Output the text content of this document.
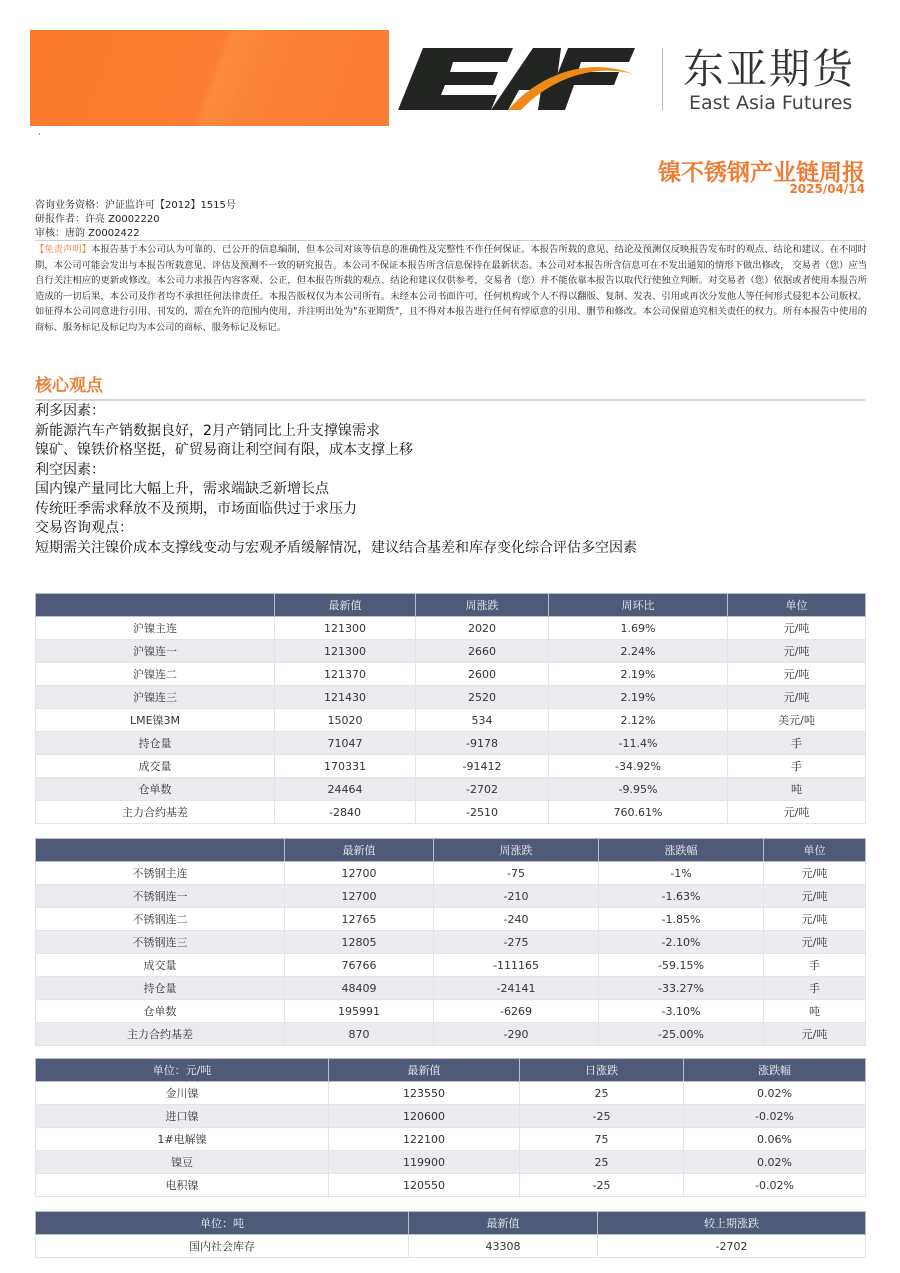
东亚期货
East Asia Futures
·
镍不锈钢产业链周报
2025/04/14
咨询业务资格：沪证监许可【2012】1515号
研报作者：许亮 Z0002220
审核：唐韵 Z0002422
【免责声明】本报告基于本公司认为可靠的、已公开的信息编制，但本公司对该等信息的准确性及完整性不作任何保证。本报告所载的意见、结论及预测仅反映报告发布时的观点、结论和建议。在不同时期，本公司可能会发出与本报告所载意见、评估及预测不一致的研究报告。本公司不保证本报告所含信息保持在最新状态。本公司对本报告所含信息可在不发出通知的情形下做出修改， 交易者（您）应当自行关注相应的更新或修改。本公司力求报告内容客观、公正，但本报告所载的观点、结论和建议仅供参考，交易者（您）并不能依靠本报告以取代行使独立判断。对交易者（您）依据或者使用本报告所造成的一切后果，本公司及作者均不承担任何法律责任。本报告版权仅为本公司所有。未经本公司书面许可，任何机构或个人不得以翻版、复制、发表、引用或再次分发他人等任何形式侵犯本公司版权。如征得本公司同意进行引用、刊发的，需在允许的范围内使用，并注明出处为"东亚期货"，且不得对本报告进行任何有悖原意的引用、删节和修改。本公司保留追究相关责任的权力。所有本报告中使用的商标、服务标记及标记均为本公司的商标、服务标记及标记。
核心观点
利多因素：
新能源汽车产销数据良好，2月产销同比上升支撑镍需求
镍矿、镍铁价格坚挺，矿贸易商让利空间有限，成本支撑上移
利空因素：
国内镍产量同比大幅上升，需求端缺乏新增长点
传统旺季需求释放不及预期，市场面临供过于求压力
交易咨询观点：
短期需关注镍价成本支撑线变动与宏观矛盾缓解情况，建议结合基差和库存变化综合评估多空因素
	最新值	周涨跌	周环比	单位
沪镍主连	121300	2020	1.69%	元/吨
沪镍连一	121300	2660	2.24%	元/吨
沪镍连二	121370	2600	2.19%	元/吨
沪镍连三	121430	2520	2.19%	元/吨
LME镍3M	15020	534	2.12%	美元/吨
持仓量	71047	-9178	-11.4%	手
成交量	170331	-91412	-34.92%	手
仓单数	24464	-2702	-9.95%	吨
主力合约基差	-2840	-2510	760.61%	元/吨
	最新值	周涨跌	涨跌幅	单位
不锈钢主连	12700	-75	-1%	元/吨
不锈钢连一	12700	-210	-1.63%	元/吨
不锈钢连二	12765	-240	-1.85%	元/吨
不锈钢连三	12805	-275	-2.10%	元/吨
成交量	76766	-111165	-59.15%	手
持仓量	48409	-24141	-33.27%	手
仓单数	195991	-6269	-3.10%	吨
主力合约基差	870	-290	-25.00%	元/吨
单位：元/吨	最新值	日涨跌	涨跌幅
金川镍	123550	25	0.02%
进口镍	120600	-25	-0.02%
1#电解镍	122100	75	0.06%
镍豆	119900	25	0.02%
电积镍	120550	-25	-0.02%
单位：吨	最新值	较上期涨跌
国内社会库存	43308	-2702
